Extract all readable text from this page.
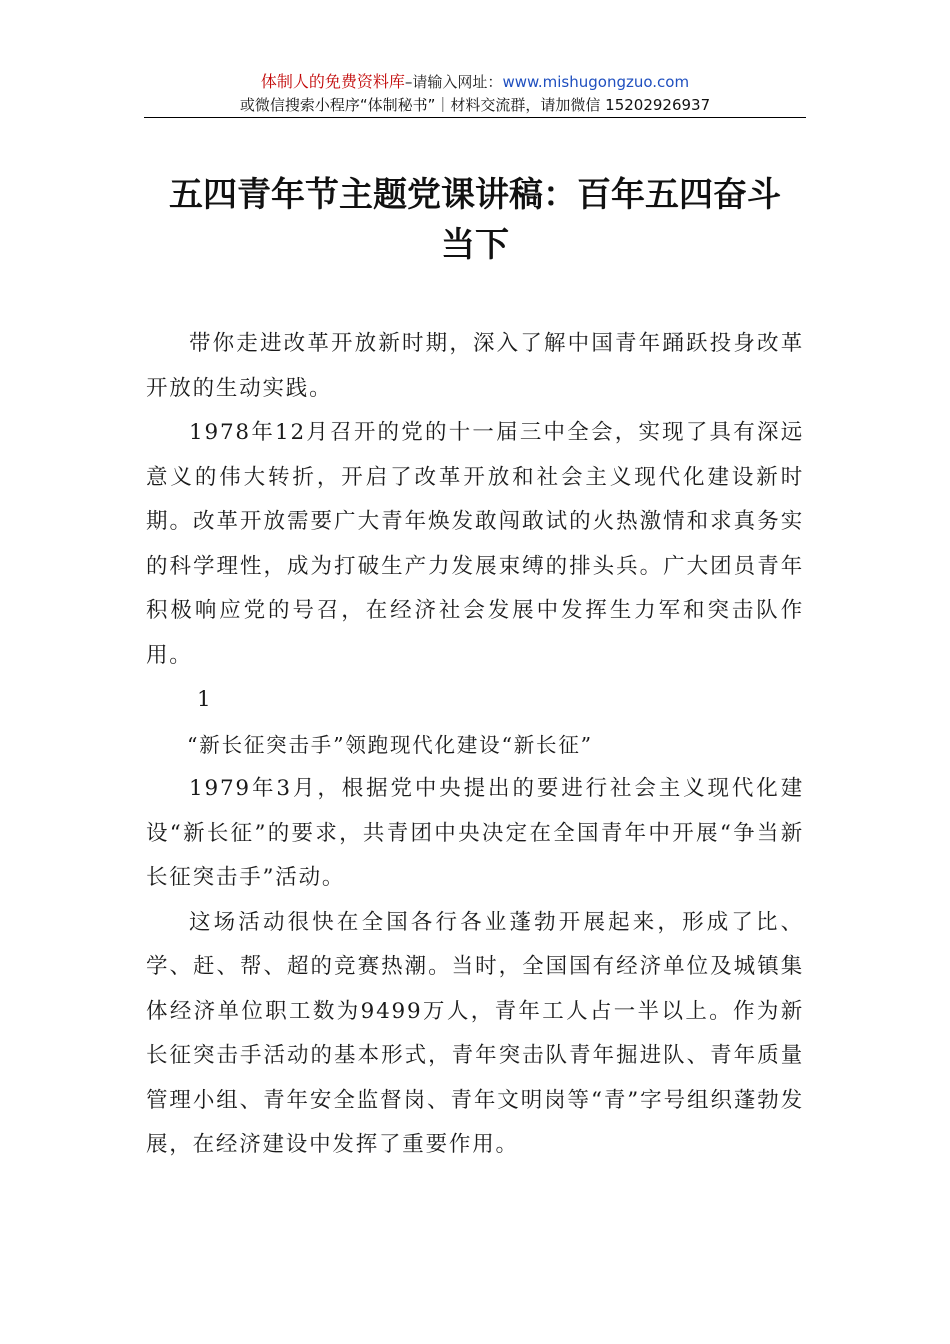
体制人的免费资料库–请输入网址：www.mishugongzuo.com
或微信搜索小程序“体制秘书”｜材料交流群，请加微信 15202926937
五四青年节主题党课讲稿：百年五四奋斗
当下

带你走进改革开放新时期，深入了解中国青年踊跃投身改革开放的生动实践。

1978年12月召开的党的十一届三中全会，实现了具有深远意义的伟大转折，开启了改革开放和社会主义现代化建设新时期。改革开放需要广大青年焕发敢闯敢试的火热激情和求真务实的科学理性，成为打破生产力发展束缚的排头兵。广大团员青年积极响应党的号召，在经济社会发展中发挥生力军和突击队作用。

1

“新长征突击手”领跑现代化建设“新长征”

1979年3月，根据党中央提出的要进行社会主义现代化建设“新长征”的要求，共青团中央决定在全国青年中开展“争当新长征突击手”活动。

这场活动很快在全国各行各业蓬勃开展起来，形成了比、学、赶、帮、超的竞赛热潮。当时，全国国有经济单位及城镇集体经济单位职工数为9499万人，青年工人占一半以上。作为新长征突击手活动的基本形式，青年突击队青年掘进队、青年质量管理小组、青年安全监督岗、青年文明岗等“青”字号组织蓬勃发展，在经济建设中发挥了重要作用。
